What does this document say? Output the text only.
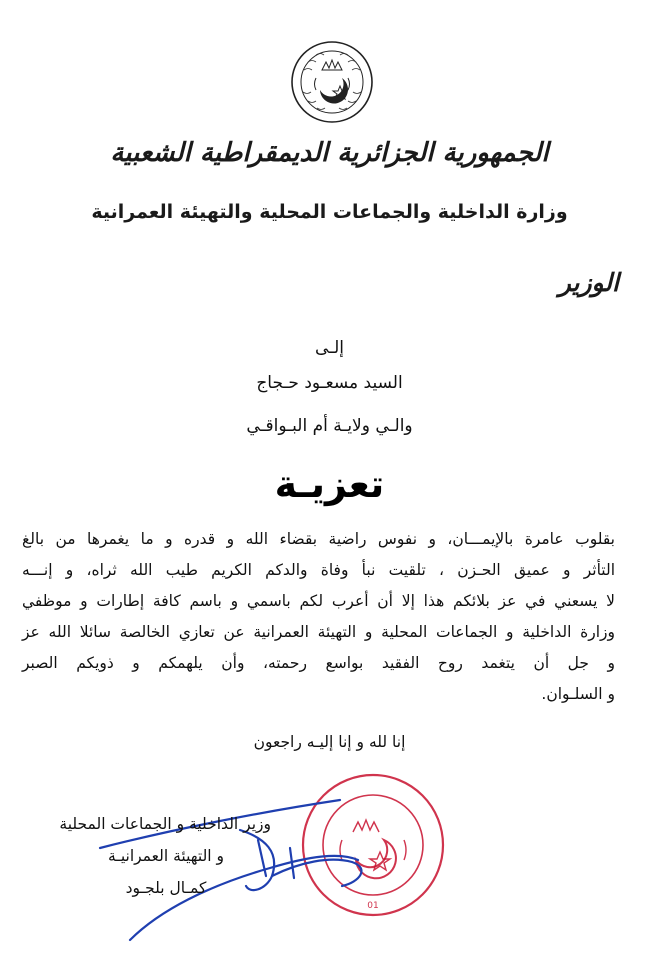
الجمهورية الجزائرية الديمقراطية الشعبية
وزارة الداخلية والجماعات المحلية والتهيئة العمرانية
الوزير
إلـى
السيد مسعـود حـجاج
والـي ولايـة أم البـواقـي
تعزيـة
بقلوب عامرة بالإيمـــان، و نفوس راضية بقضاء الله و قدره و ما يغمرها من بالغ
التأثر و عميق الحـزن ، تلقيت نبأ وفاة والدكم الكريم طيب الله ثراه، و إنـــه
لا يسعني في عز بلائكم هذا إلا أن أعرب لكم باسمي و باسم كافة إطارات و موظفي
وزارة الداخلية و الجماعات المحلية و التهيئة العمرانية عن تعازي الخالصة سائلا الله عز
و جل أن يتغمد روح الفقيد بواسع رحمته، وأن يلهمكم و ذويكم الصبر
و السلـوان.
إنا لله و إنا إليـه راجعون
01
وزير الداخلية و الجماعات المحلية
و التهيئة العمرانيـة
كمـال بلجـود
